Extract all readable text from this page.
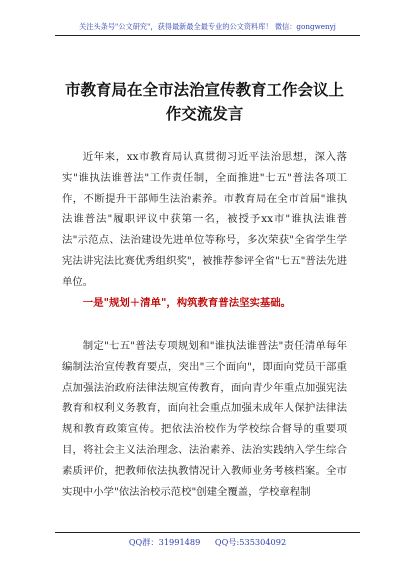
关注头条号"公文研究"，获得最新最全最专业的公文资料库！ 微信：gongwenyj
市教育局在全市法治宣传教育工作会议上作交流发言

近年来，xx市教育局认真贯彻习近平法治思想，深入落实"谁执法谁普法"工作责任制，全面推进"七五"普法各项工作，不断提升干部师生法治素养。市教育局在全市首届"谁执法谁普法"履职评议中获第一名，被授予xx市"谁执法谁普法"示范点、法治建设先进单位等称号，多次荣获"全省学生学宪法讲宪法比赛优秀组织奖"，被推荐参评全省"七五"普法先进单位。

一是"规划＋清单"，构筑教育普法坚实基础。

制定"七五"普法专项规划和"谁执法谁普法"责任清单每年编制法治宣传教育要点，突出"三个面向"，即面向党员干部重点加强法治政府法律法规宣传教育，面向青少年重点加强宪法教育和权利义务教育，面向社会重点加强未成年人保护法律法规和教育政策宣传。把依法治校作为学校综合督导的重要项目，将社会主义法治理念、法治素养、法治实践纳入学生综合素质评价，把教师依法执教情况计入教师业务考核档案。全市实现中小学"依法治校示范校"创建全覆盖，学校章程制

QQ群：31991489 QQ号:535304092
